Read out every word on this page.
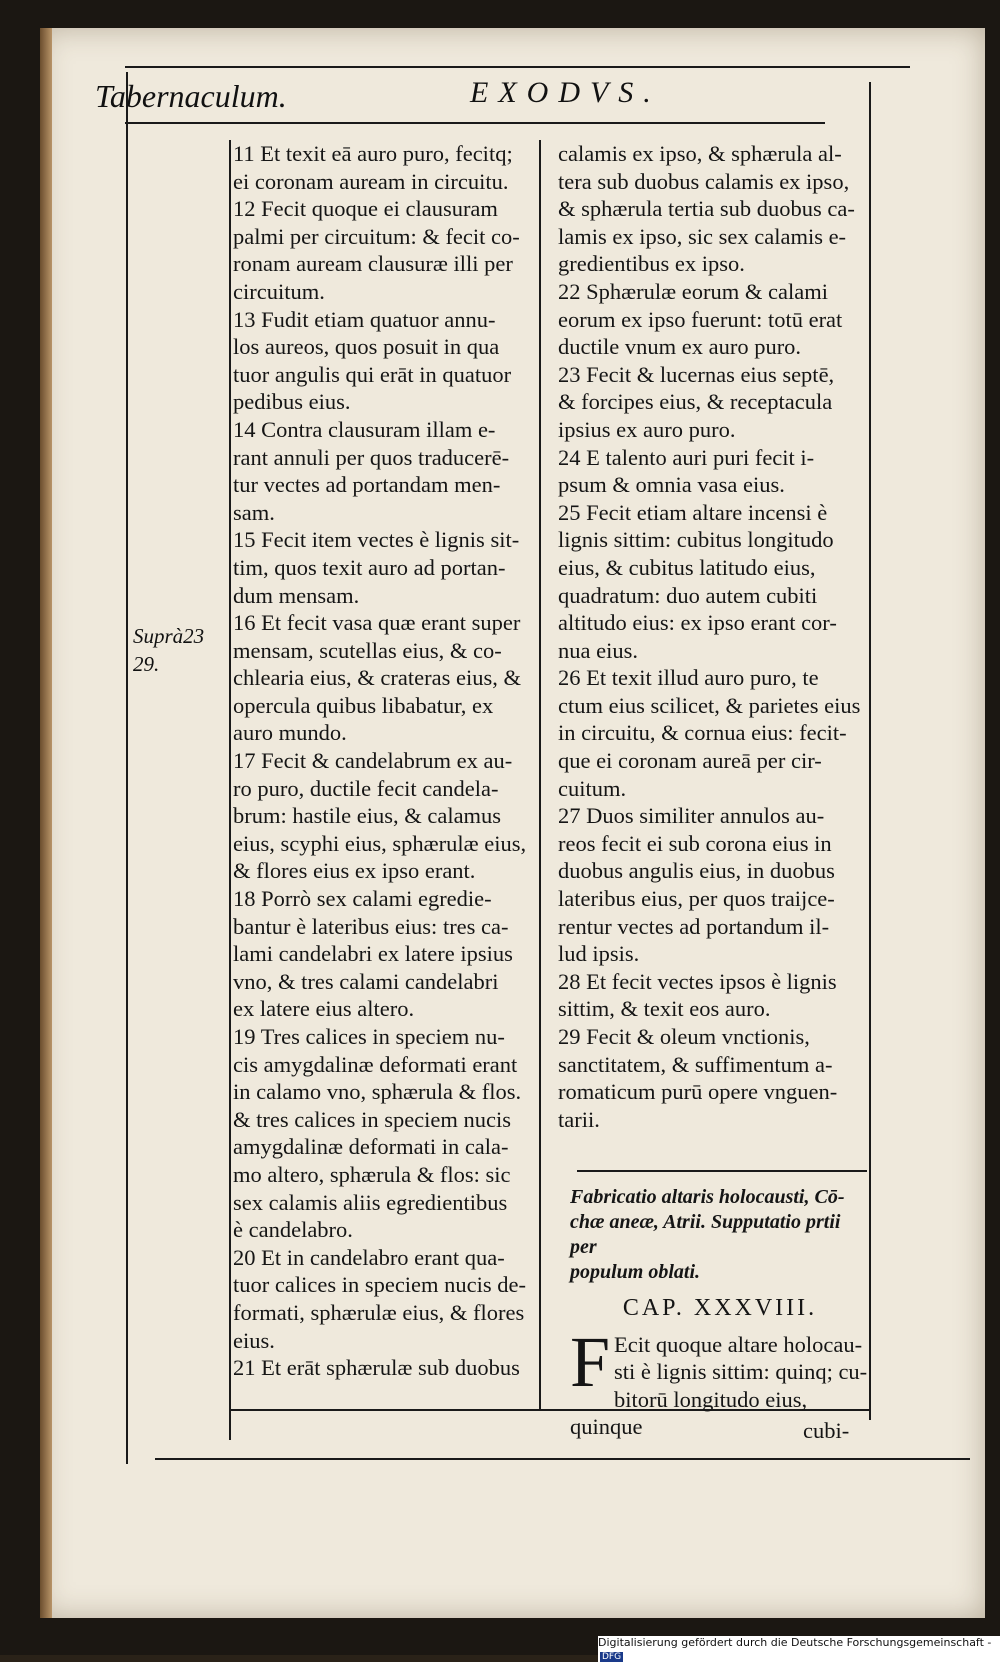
Tabernaculum.	EXODVS.
Suprà23
29.

11 Et texit eā auro puro, fecitq;

ei coronam auream in circuitu.

12 Fecit quoque ei clausuram

palmi per circuitum: & fecit co-

ronam auream clausuræ illi per

circuitum.

13 Fudit etiam quatuor annu-

los aureos, quos posuit in qua

tuor angulis qui erāt in quatuor

pedibus eius.

14 Contra clausuram illam e-

rant annuli per quos traducerē-

tur vectes ad portandam men-

sam.

15 Fecit item vectes è lignis sit-

tim, quos texit auro ad portan-

dum mensam.

16 Et fecit vasa quæ erant super

mensam, scutellas eius, & co-

chlearia eius, & crateras eius, &

opercula quibus libabatur, ex

auro mundo.

17 Fecit & candelabrum ex au-

ro puro, ductile fecit candela-

brum: hastile eius, & calamus

eius, scyphi eius, sphærulæ eius,

& flores eius ex ipso erant.

18 Porrò sex calami egredie-

bantur è lateribus eius: tres ca-

lami candelabri ex latere ipsius

vno, & tres calami candelabri

ex latere eius altero.

19 Tres calices in speciem nu-

cis amygdalinæ deformati erant

in calamo vno, sphærula & flos.

& tres calices in speciem nucis

amygdalinæ deformati in cala-

mo altero, sphærula & flos: sic

sex calamis aliis egredientibus

è candelabro.

20 Et in candelabro erant qua-

tuor calices in speciem nucis de-

formati, sphærulæ eius, & flores

eius.

21 Et erāt sphærulæ sub duobus

calamis ex ipso, & sphærula al-

tera sub duobus calamis ex ipso,

& sphærula tertia sub duobus ca-

lamis ex ipso, sic sex calamis e-

gredientibus ex ipso.

22 Sphærulæ eorum & calami

eorum ex ipso fuerunt: totū erat

ductile vnum ex auro puro.

23 Fecit & lucernas eius septē,

& forcipes eius, & receptacula

ipsius ex auro puro.

24 E talento auri puri fecit i-

psum & omnia vasa eius.

25 Fecit etiam altare incensi è

lignis sittim: cubitus longitudo

eius, & cubitus latitudo eius,

quadratum: duo autem cubiti

altitudo eius: ex ipso erant cor-

nua eius.

26 Et texit illud auro puro, te

ctum eius scilicet, & parietes eius

in circuitu, & cornua eius: fecit-

que ei coronam aureā per cir-

cuitum.

27 Duos similiter annulos au-

reos fecit ei sub corona eius in

duobus angulis eius, in duobus

lateribus eius, per quos traijce-

rentur vectes ad portandum il-

lud ipsis.

28 Et fecit vectes ipsos è lignis

sittim, & texit eos auro.

29 Fecit & oleum vnctionis,

sanctitatem, & suffimentum a-

romaticum purū opere vnguen-

tarii.

Fabricatio altaris holocausti, Cō-
chæ aneæ, Atrii. Supputatio prtii per
populum oblati.
CAP. XXXVIII.
F Ecit quoque altare holocau-
sti è lignis sittim: quinq; cu-
bitorū longitudo eius, quinque	cubi-
Digitalisierung gefördert durch die Deutsche Forschungsgemeinschaft - DFG
